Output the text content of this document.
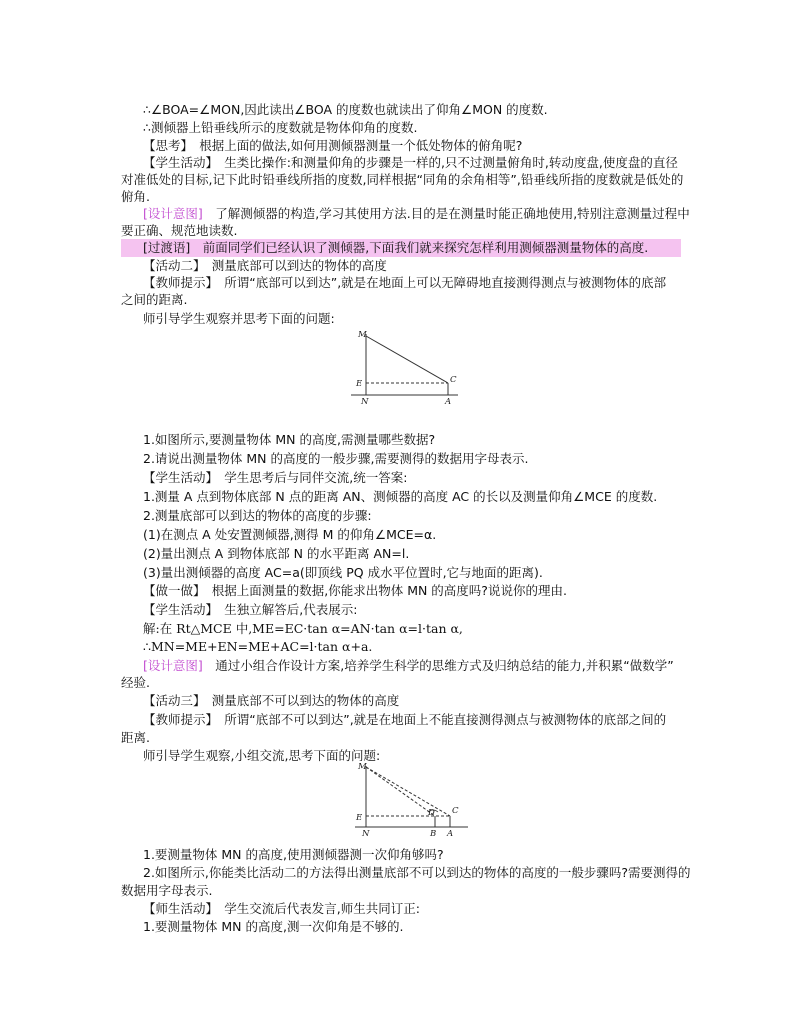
∴∠BOA=∠MON,因此读出∠BOA 的度数也就读出了仰角∠MON 的度数.
∴测倾器上铅垂线所示的度数就是物体仰角的度数.
【思考】　根据上面的做法,如何用测倾器测量一个低处物体的俯角呢?
【学生活动】　生类比操作:和测量仰角的步骤是一样的,只不过测量俯角时,转动度盘,使度盘的直径
对准低处的目标,记下此时铅垂线所指的度数,同样根据“同角的余角相等”,铅垂线所指的度数就是低处的
俯角.
[设计意图]　了解测倾器的构造,学习其使用方法.目的是在测量时能正确地使用,特别注意测量过程中
要正确、规范地读数.
[过渡语]　前面同学们已经认识了测倾器,下面我们就来探究怎样利用测倾器测量物体的高度.
【活动二】　测量底部可以到达的物体的高度
【教师提示】　所谓“底部可以到达”,就是在地面上可以无障碍地直接测得测点与被测物体的底部
之间的距离.
师引导学生观察并思考下面的问题:
M
E	C
N	A
1.如图所示,要测量物体 MN 的高度,需测量哪些数据?
2.请说出测量物体 MN 的高度的一般步骤,需要测得的数据用字母表示.
【学生活动】　学生思考后与同伴交流,统一答案:
1.测量 A 点到物体底部 N 点的距离 AN、测倾器的高度 AC 的长以及测量仰角∠MCE 的度数.
2.测量底部可以到达的物体的高度的步骤:
(1)在测点 A 处安置测倾器,测得 M 的仰角∠MCE=α.
(2)量出测点 A 到物体底部 N 的水平距离 AN=l.
(3)量出测倾器的高度 AC=a(即顶线 PQ 成水平位置时,它与地面的距离).
【做一做】　根据上面测量的数据,你能求出物体 MN 的高度吗?说说你的理由.
【学生活动】　生独立解答后,代表展示:
解:在 Rt△MCE 中,ME=EC·tan α=AN·tan α=l·tan α,
∴MN=ME+EN=ME+AC=l·tan α+a.
[设计意图]　通过小组合作设计方案,培养学生科学的思维方式及归纳总结的能力,并积累“做数学”
经验.
【活动三】　测量底部不可以到达的物体的高度
【教师提示】　所谓“底部不可以到达”,就是在地面上不能直接测得测点与被测物体的底部之间的
距离.
师引导学生观察,小组交流,思考下面的问题:
M
E	D C
N	B A
1.要测量物体 MN 的高度,使用测倾器测一次仰角够吗?
2.如图所示,你能类比活动二的方法得出测量底部不可以到达的物体的高度的一般步骤吗?需要测得的
数据用字母表示.
【师生活动】　学生交流后代表发言,师生共同订正:
1.要测量物体 MN 的高度,测一次仰角是不够的.
